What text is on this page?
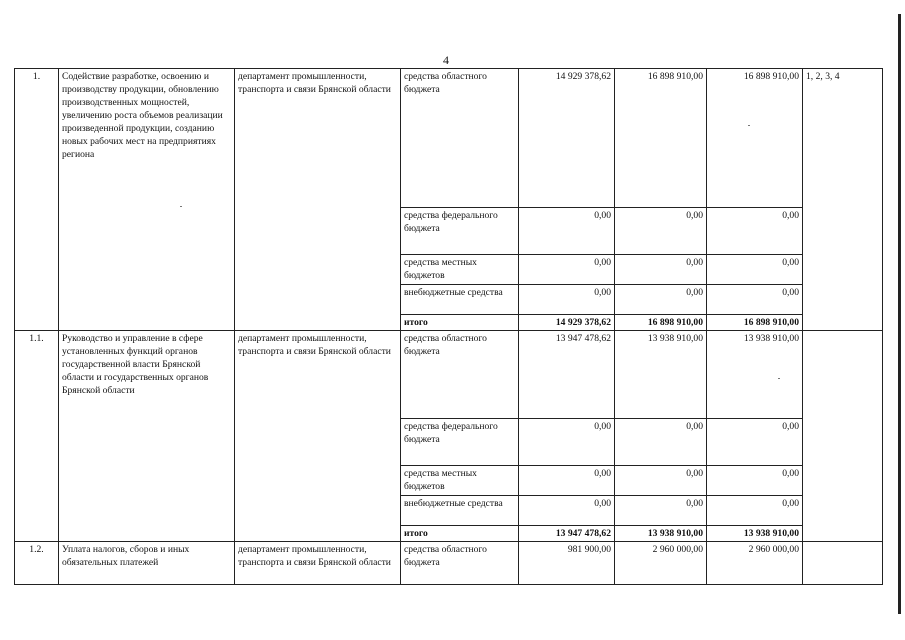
4
1.	Содействие разработке, освоению и производству продукции, обновлению производственных мощностей, увеличению роста объемов реализации произведенной продукции, созданию новых рабочих мест на предприятиях региона	департамент промышленности, транспорта и связи Брянской области	средства областного бюджета	14 929 378,62	16 898 910,00	16 898 910,00	1, 2, 3, 4
			средства федерального бюджета	0,00	0,00	0,00	
			средства местных бюджетов	0,00	0,00	0,00	
			внебюджетные средства	0,00	0,00	0,00	
			итого	14 929 378,62	16 898 910,00	16 898 910,00	
1.1.	Руководство и управление в сфере установленных функций органов государственной власти Брянской области и государственных органов Брянской области	департамент промышленности, транспорта и связи Брянской области	средства областного бюджета	13 947 478,62	13 938 910,00	13 938 910,00	
			средства федерального бюджета	0,00	0,00	0,00	
			средства местных бюджетов	0,00	0,00	0,00	
			внебюджетные средства	0,00	0,00	0,00	
			итого	13 947 478,62	13 938 910,00	13 938 910,00	
1.2.	Уплата налогов, сборов и иных обязательных платежей	департамент промышленности, транспорта и связи Брянской области	средства областного бюджета	981 900,00	2 960 000,00	2 960 000,00	
